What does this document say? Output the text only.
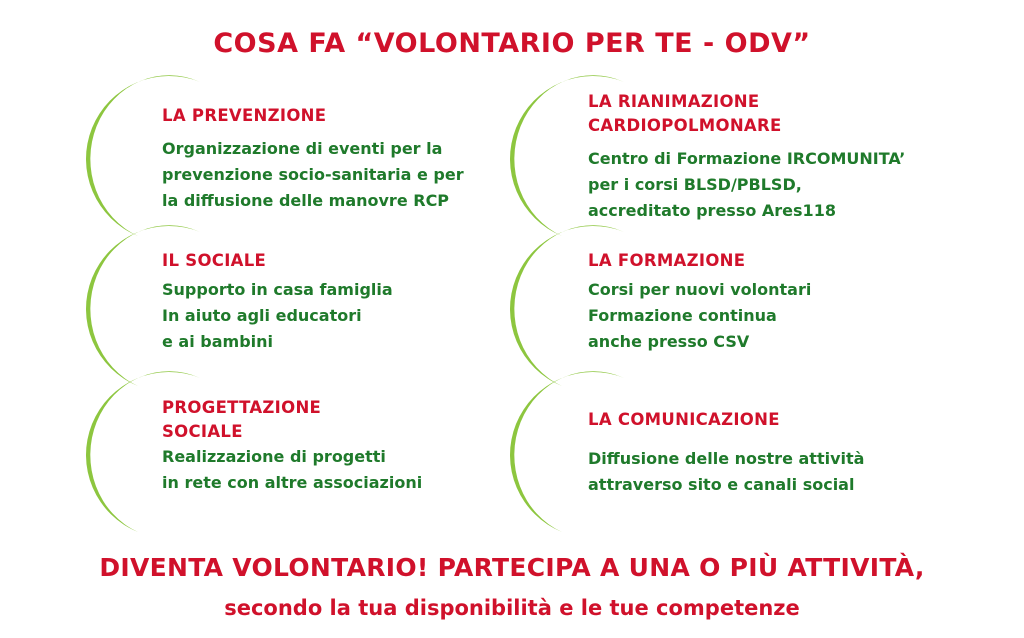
COSA FA “VOLONTARIO PER TE - ODV”
LA PREVENZIONE
Organizzazione di eventi per la
prevenzione socio-sanitaria e per
la diffusione delle manovre RCP
IL SOCIALE
Supporto in casa famiglia
In aiuto agli educatori
e ai bambini
PROGETTAZIONE
SOCIALE
Realizzazione di progetti
in rete con altre associazioni
LA RIANIMAZIONE
CARDIOPOLMONARE
Centro di Formazione IRCOMUNITA’
per i corsi BLSD/PBLSD,
accreditato presso Ares118
LA FORMAZIONE
Corsi per nuovi volontari
Formazione continua
anche presso CSV
LA COMUNICAZIONE
Diffusione delle nostre attività
attraverso sito e canali social
DIVENTA VOLONTARIO! PARTECIPA A UNA O PIÙ ATTIVITÀ,
secondo la tua disponibilità e le tue competenze
